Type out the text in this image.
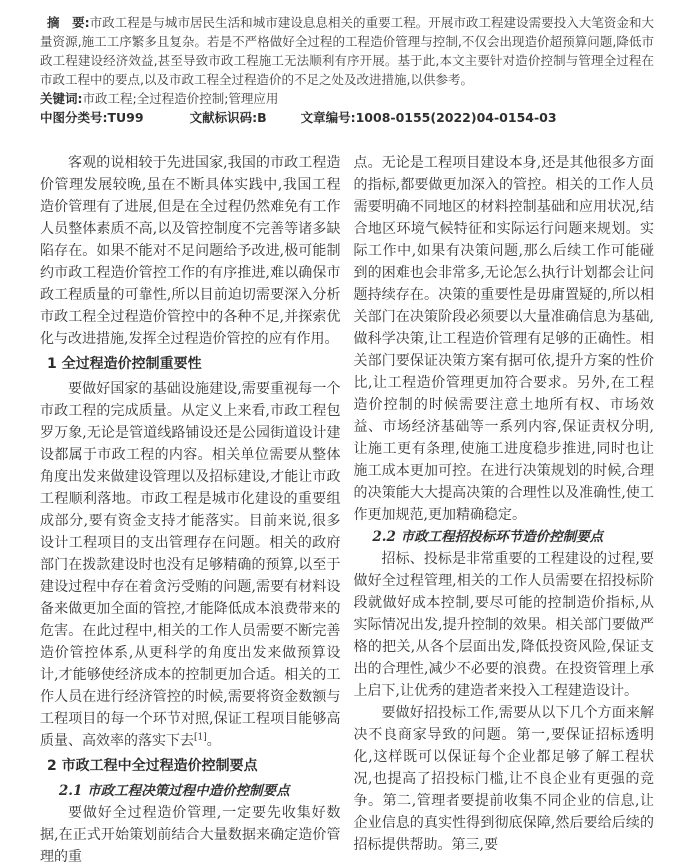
摘　要:市政工程是与城市居民生活和城市建设息息相关的重要工程。开展市政工程建设需要投入大笔资金和大量资源,施工工序繁多且复杂。若是不严格做好全过程的工程造价管理与控制,不仅会出现造价超预算问题,降低市政工程建设经济效益,甚至导致市政工程施工无法顺利有序开展。基于此,本文主要针对造价控制与管理全过程在市政工程中的要点,以及市政工程全过程造价的不足之处及改进措施,以供参考。

关键词:市政工程;全过程造价控制;管理应用

中图分类号:TU99	文献标识码:B	文章编号:1008-0155(2022)04-0154-03

客观的说相较于先进国家,我国的市政工程造价管理发展较晚,虽在不断具体实践中,我国工程造价管理有了进展,但是在全过程仍然难免有工作人员整体素质不高,以及管控制度不完善等诸多缺陷存在。如果不能对不足问题给予改进,极可能制约市政工程造价管控工作的有序推进,难以确保市政工程质量的可靠性,所以目前迫切需要深入分析市政工程全过程造价管控中的各种不足,并探索优化与改进措施,发挥全过程造价管控的应有作用。

1 全过程造价控制重要性

要做好国家的基础设施建设,需要重视每一个市政工程的完成质量。从定义上来看,市政工程包罗万象,无论是管道线路铺设还是公园街道设计建设都属于市政工程的内容。相关单位需要从整体角度出发来做建设管理以及招标建设,才能让市政工程顺利落地。市政工程是城市化建设的重要组成部分,要有资金支持才能落实。目前来说,很多设计工程项目的支出管理存在问题。相关的政府部门在拨款建设时也没有足够精确的预算,以至于建设过程中存在着贪污受贿的问题,需要有材料设备来做更加全面的管控,才能降低成本浪费带来的危害。在此过程中,相关的工作人员需要不断完善造价管控体系,从更科学的角度出发来做预算设计,才能够使经济成本的控制更加合适。相关的工作人员在进行经济管控的时候,需要将资金数额与工程项目的每一个环节对照,保证工程项目能够高质量、高效率的落实下去[1]。

2 市政工程中全过程造价控制要点
2.1 市政工程决策过程中造价控制要点

要做好全过程造价管理,一定要先收集好数据,在正式开始策划前结合大量数据来确定造价管理的重

点。无论是工程项目建设本身,还是其他很多方面的指标,都要做更加深入的管控。相关的工作人员需要明确不同地区的材料控制基础和应用状况,结合地区环境气候特征和实际运行问题来规划。实际工作中,如果有决策问题,那么后续工作可能碰到的困难也会非常多,无论怎么执行计划都会让问题持续存在。决策的重要性是毋庸置疑的,所以相关部门在决策阶段必须要以大量准确信息为基础,做科学决策,让工程造价管理有足够的正确性。相关部门要保证决策方案有据可依,提升方案的性价比,让工程造价管理更加符合要求。另外,在工程造价控制的时候需要注意土地所有权、市场效益、市场经济基础等一系列内容,保证责权分明,让施工更有条理,使施工进度稳步推进,同时也让施工成本更加可控。在进行决策规划的时候,合理的决策能大大提高决策的合理性以及准确性,使工作更加规范,更加精确稳定。

2.2 市政工程招投标环节造价控制要点

招标、投标是非常重要的工程建设的过程,要做好全过程管理,相关的工作人员需要在招投标阶段就做好成本控制,要尽可能的控制造价指标,从实际情况出发,提升控制的效果。相关部门要做严格的把关,从各个层面出发,降低投资风险,保证支出的合理性,减少不必要的浪费。在投资管理上承上启下,让优秀的建造者来投入工程建造设计。

要做好招投标工作,需要从以下几个方面来解决不良商家导致的问题。第一,要保证招标透明化,这样既可以保证每个企业都足够了解工程状况,也提高了招投标门槛,让不良企业有更强的竞争。第二,管理者要提前收集不同企业的信息,让企业信息的真实性得到彻底保障,然后要给后续的招标提供帮助。第三,要
